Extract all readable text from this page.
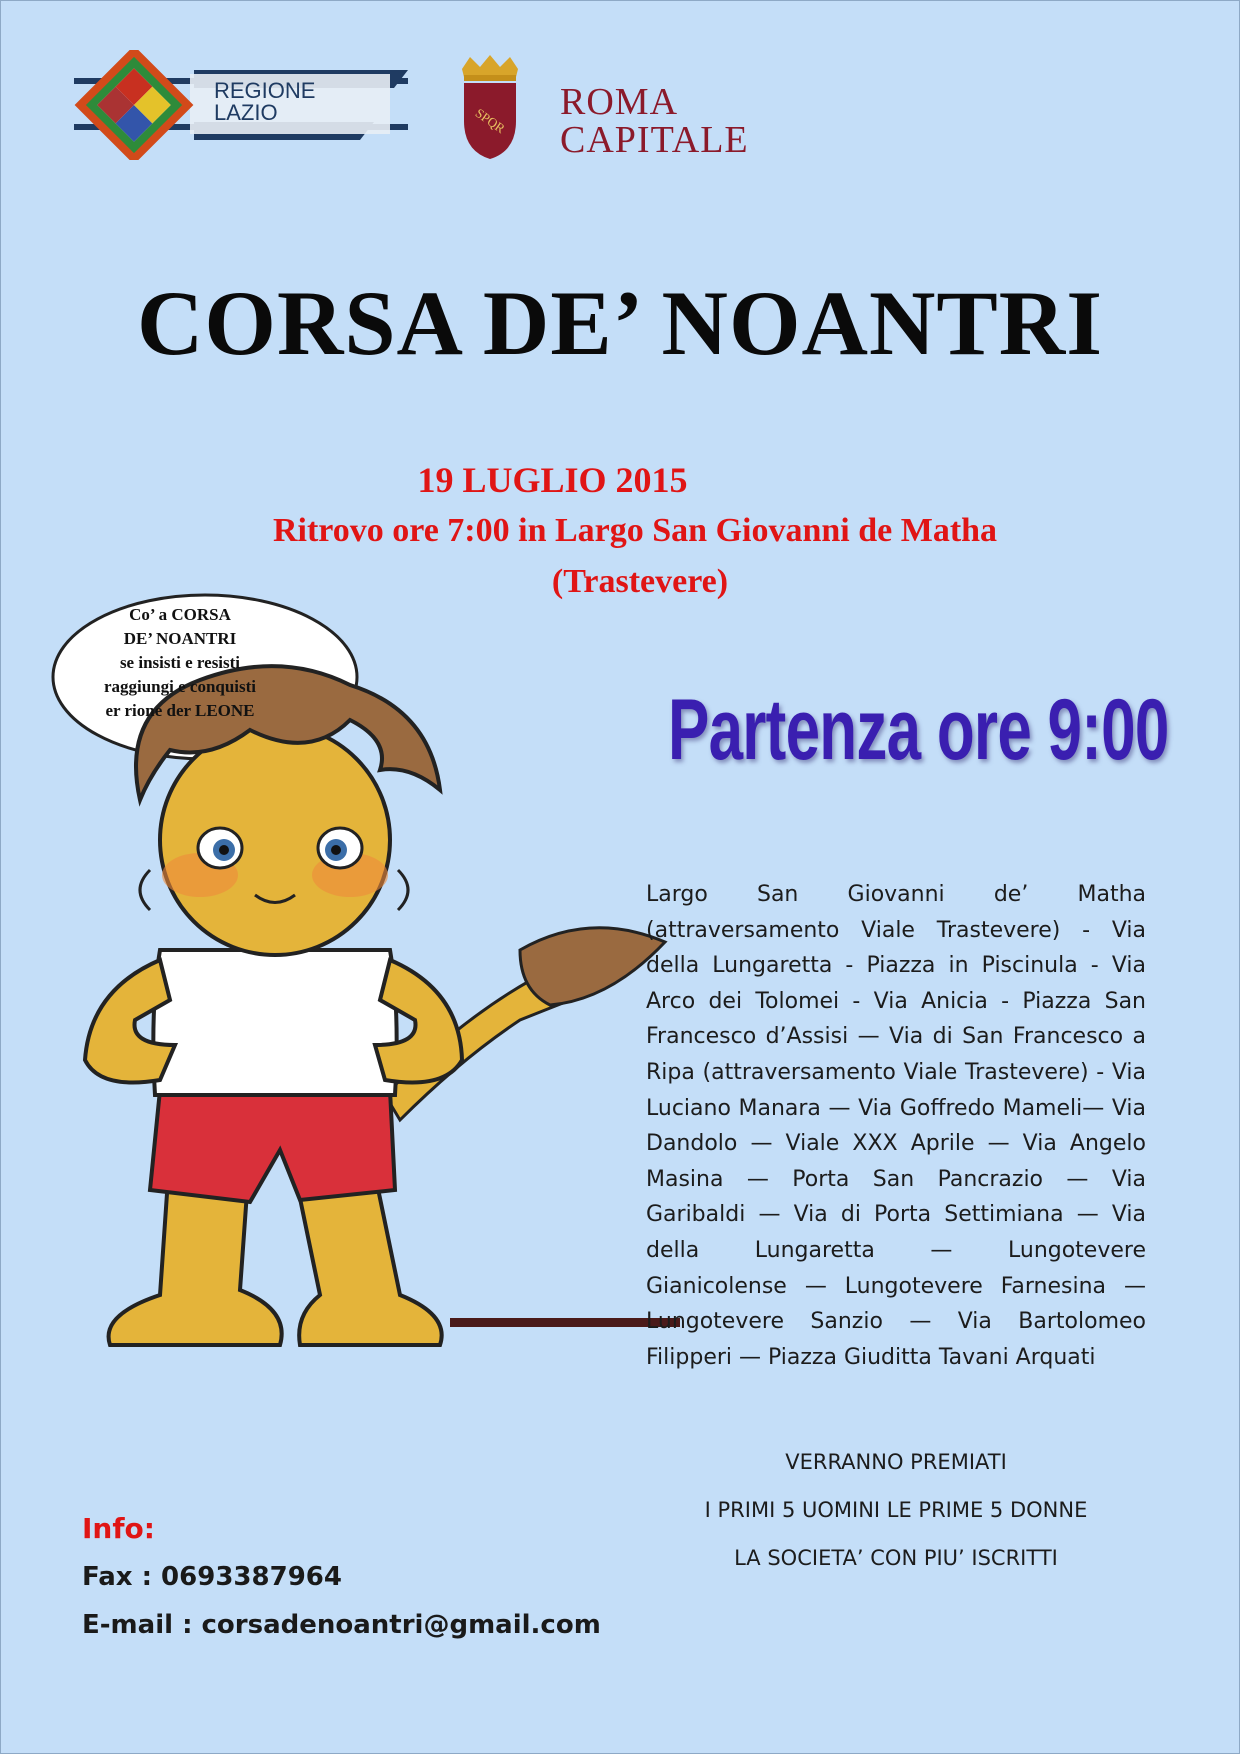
REGIONE
LAZIO	SPQR ROMA
CAPITALE
CORSA DE’ NOANTRI
19 LUGLIO 2015
Ritrovo ore 7:00 in Largo San Giovanni de Matha
(Trastevere)
Co’ a CORSA
DE’ NOANTRI
se insisti e resisti
raggiungi e conquisti
er rione der LEONE	Partenza ore 9:00

Largo San Giovanni de’ Matha (attraversamento Viale Trastevere) - Via della Lungaretta - Piazza in Piscinula - Via Arco dei Tolomei - Via Anicia - Piazza San Francesco d’Assisi — Via di San Francesco a Ripa (attraversamento Viale Trastevere) - Via Luciano Manara — Via Goffredo Mameli— Via Dandolo — Viale XXX Aprile — Via Angelo Masina — Porta San Pancrazio — Via Garibaldi — Via di Porta Settimiana — Via della Lungaretta — Lungotevere Gianicolense — Lungotevere Farnesina — Lungotevere Sanzio — Via Bartolomeo Filipperi — Piazza Giuditta Tavani Arquati

VERRANNO PREMIATI
I PRIMI 5 UOMINI LE PRIME 5 DONNE
LA SOCIETA’ CON PIU’ ISCRITTI
Info:
Fax : 0693387964
E-mail : corsadenoantri@gmail.com
